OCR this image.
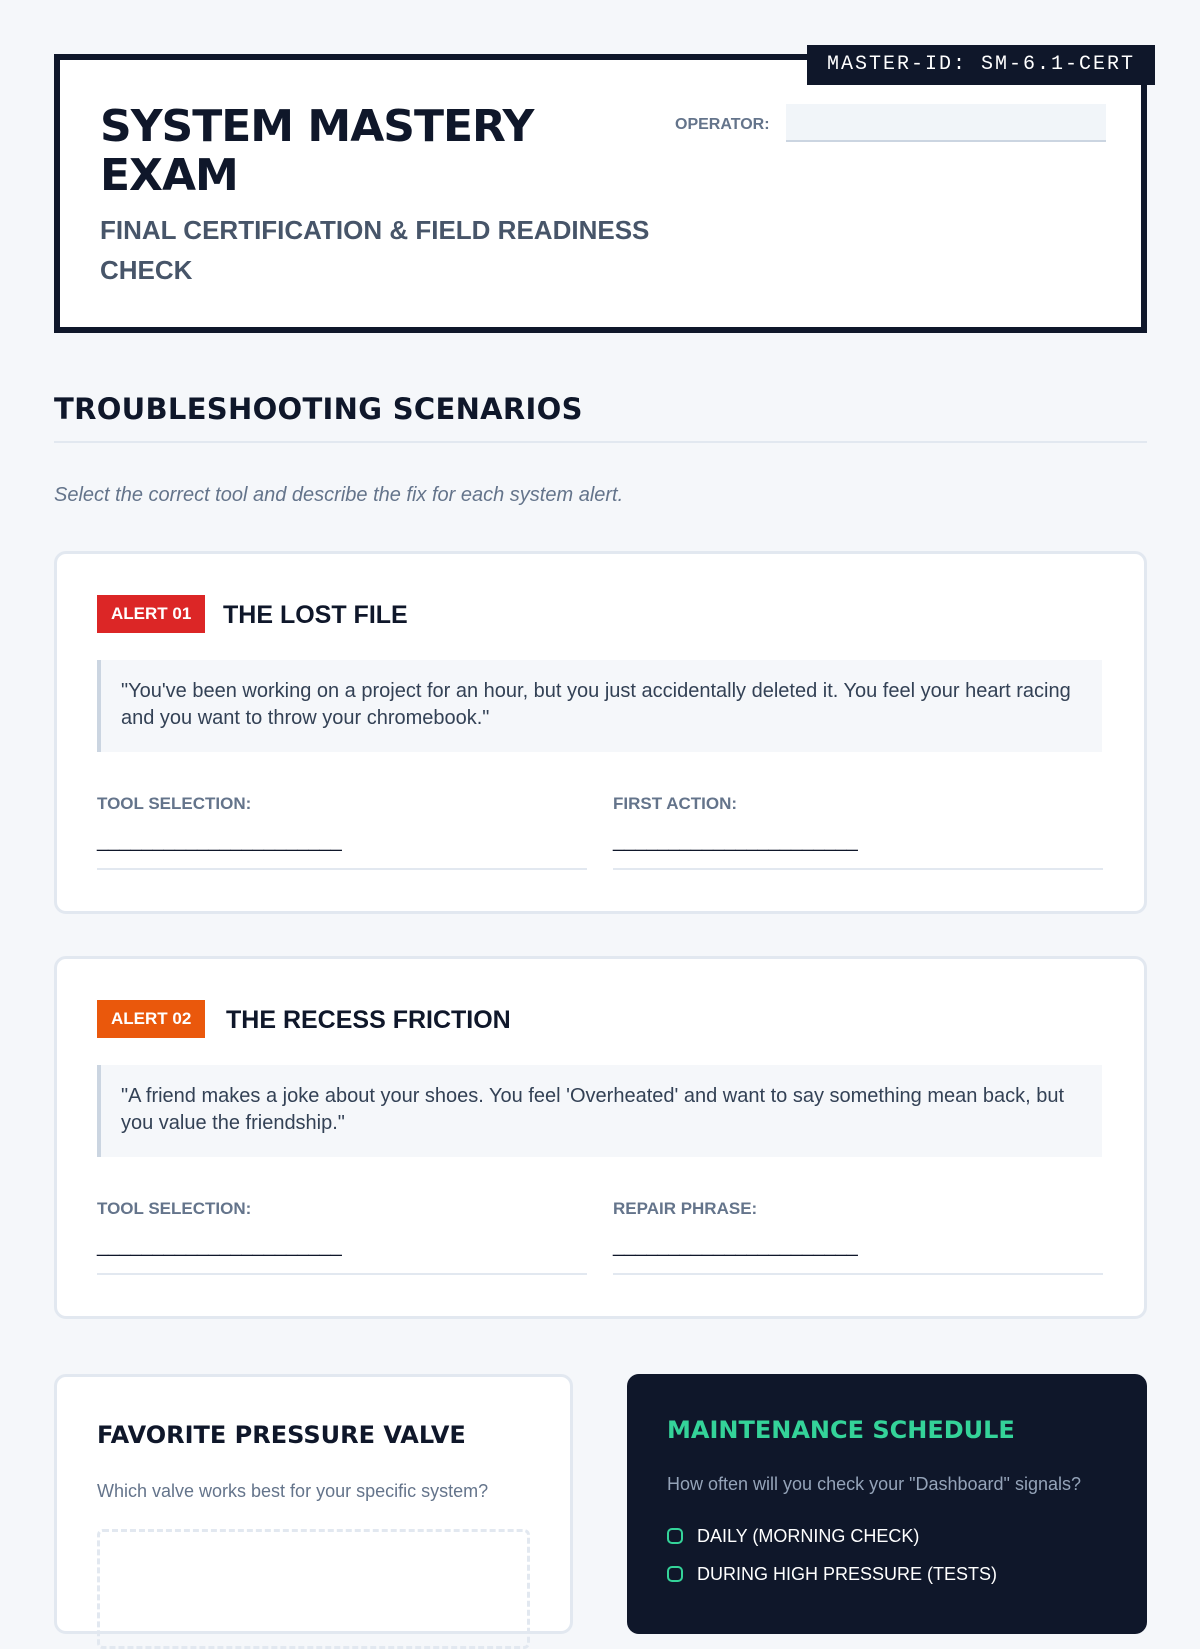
MASTER-ID: SM-6.1-CERT
SYSTEM MASTERY EXAM

FINAL CERTIFICATION & FIELD READINESS CHECK

OPERATOR:
TROUBLESHOOTING SCENARIOS
Select the correct tool and describe the fix for each system alert.
ALERT 01	THE LOST FILE
"You've been working on a project for an hour, but you just accidentally deleted it. You feel your heart racing and you want to throw your chromebook."
TOOL SELECTION:
______________________
FIRST ACTION:
______________________
ALERT 02	THE RECESS FRICTION
"A friend makes a joke about your shoes. You feel 'Overheated' and want to say something mean back, but you value the friendship."
TOOL SELECTION:
______________________
REPAIR PHRASE:
______________________
FAVORITE PRESSURE VALVE
Which valve works best for your specific system?
MAINTENANCE SCHEDULE
How often will you check your "Dashboard" signals?
DAILY (MORNING CHECK)
DURING HIGH PRESSURE (TESTS)
